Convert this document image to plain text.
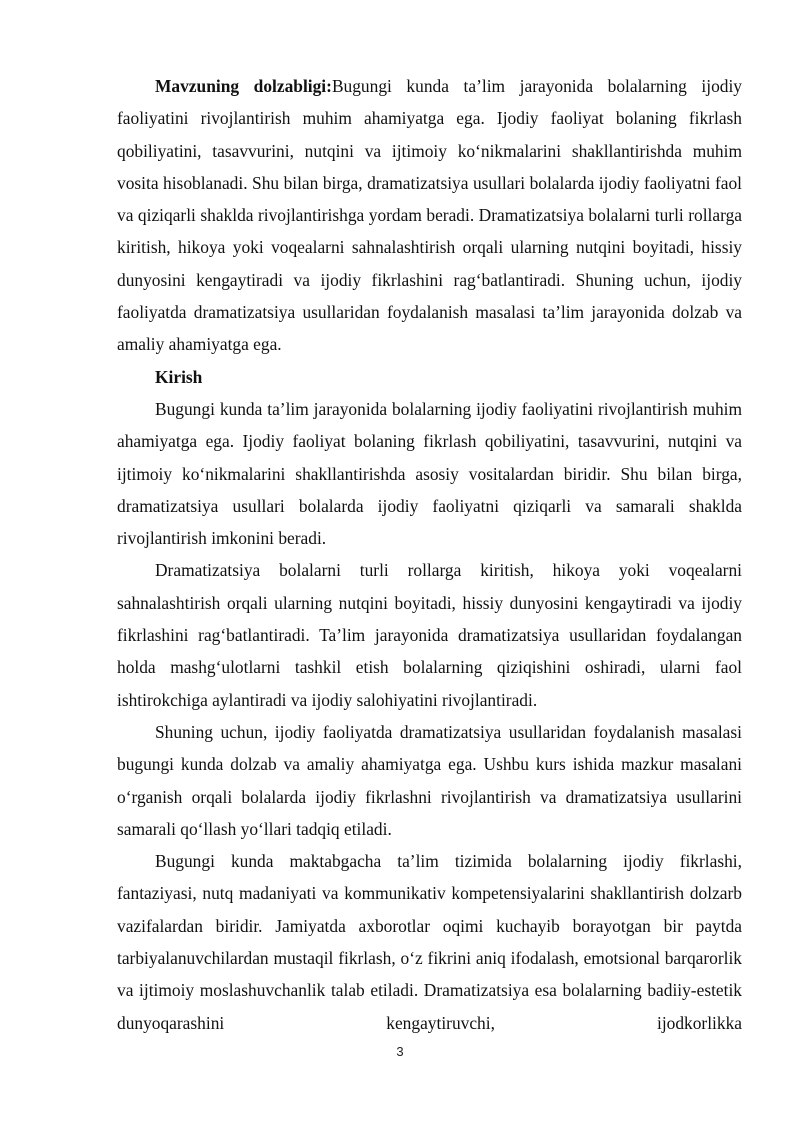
Mavzuning dolzabligi:Bugungi kunda ta’lim jarayonida bolalarning ijodiy faoliyatini rivojlantirish muhim ahamiyatga ega. Ijodiy faoliyat bolaning fikrlash qobiliyatini, tasavvurini, nutqini va ijtimoiy ko‘nikmalarini shakllantirishda muhim vosita hisoblanadi. Shu bilan birga, dramatizatsiya usullari bolalarda ijodiy faoliyatni faol va qiziqarli shaklda rivojlantirishga yordam beradi. Dramatizatsiya bolalarni turli rollarga kiritish, hikoya yoki voqealarni sahnalashtirish orqali ularning nutqini boyitadi, hissiy dunyosini kengaytiradi va ijodiy fikrlashini rag‘batlantiradi. Shuning uchun, ijodiy faoliyatda dramatizatsiya usullaridan foydalanish masalasi ta’lim jarayonida dolzab va amaliy ahamiyatga ega.

Kirish

Bugungi kunda ta’lim jarayonida bolalarning ijodiy faoliyatini rivojlantirish muhim ahamiyatga ega. Ijodiy faoliyat bolaning fikrlash qobiliyatini, tasavvurini, nutqini va ijtimoiy ko‘nikmalarini shakllantirishda asosiy vositalardan biridir. Shu bilan birga, dramatizatsiya usullari bolalarda ijodiy faoliyatni qiziqarli va samarali shaklda rivojlantirish imkonini beradi.

Dramatizatsiya bolalarni turli rollarga kiritish, hikoya yoki voqealarni sahnalashtirish orqali ularning nutqini boyitadi, hissiy dunyosini kengaytiradi va ijodiy fikrlashini rag‘batlantiradi. Ta’lim jarayonida dramatizatsiya usullaridan foydalangan holda mashg‘ulotlarni tashkil etish bolalarning qiziqishini oshiradi, ularni faol ishtirokchiga aylantiradi va ijodiy salohiyatini rivojlantiradi.

Shuning uchun, ijodiy faoliyatda dramatizatsiya usullaridan foydalanish masalasi bugungi kunda dolzab va amaliy ahamiyatga ega. Ushbu kurs ishida mazkur masalani o‘rganish orqali bolalarda ijodiy fikrlashni rivojlantirish va dramatizatsiya usullarini samarali qo‘llash yo‘llari tadqiq etiladi.

Bugungi kunda maktabgacha ta’lim tizimida bolalarning ijodiy fikrlashi, fantaziyasi, nutq madaniyati va kommunikativ kompetensiyalarini shakllantirish dolzarb vazifalardan biridir. Jamiyatda axborotlar oqimi kuchayib borayotgan bir paytda tarbiyalanuvchilardan mustaqil fikrlash, o‘z fikrini aniq ifodalash, emotsional barqarorlik va ijtimoiy moslashuvchanlik talab etiladi. Dramatizatsiya esa bolalarning badiiy-estetik dunyoqarashini kengaytiruvchi, ijodkorlikka

3
